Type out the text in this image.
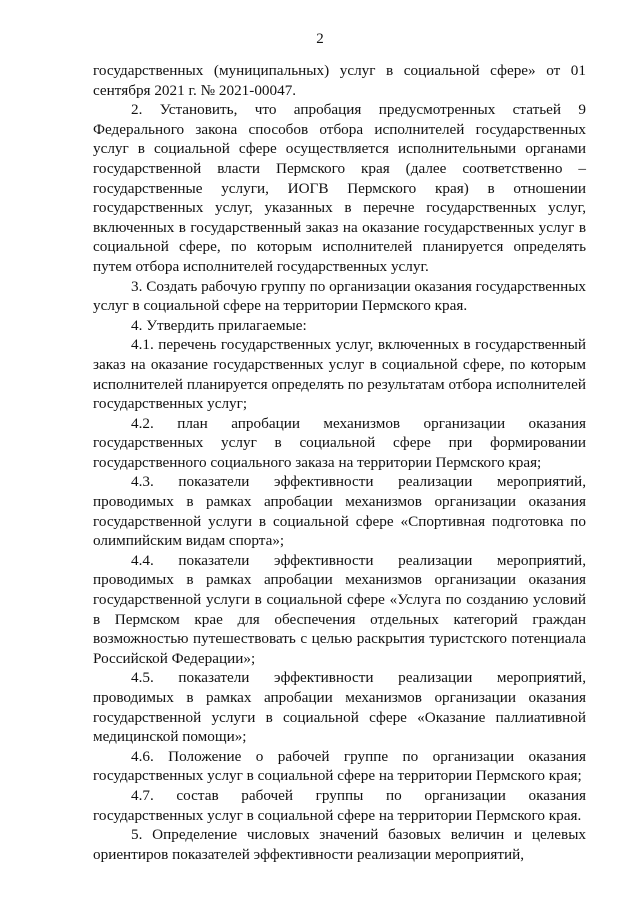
2

государственных (муниципальных) услуг в социальной сфере» от 01 сентября 2021 г. № 2021-00047.

2. Установить, что апробация предусмотренных статьей 9 Федерального закона способов отбора исполнителей государственных услуг в социальной сфере осуществляется исполнительными органами государственной власти Пермского края (далее соответственно – государственные услуги, ИОГВ Пермского края) в отношении государственных услуг, указанных в перечне государственных услуг, включенных в государственный заказ на оказание государственных услуг в социальной сфере, по которым исполнителей планируется определять путем отбора исполнителей государственных услуг.

3. Создать рабочую группу по организации оказания государственных услуг в социальной сфере на территории Пермского края.

4. Утвердить прилагаемые:

4.1. перечень государственных услуг, включенных в государственный заказ на оказание государственных услуг в социальной сфере, по которым исполнителей планируется определять по результатам отбора исполнителей государственных услуг;

4.2. план апробации механизмов организации оказания государственных услуг в социальной сфере при формировании государственного социального заказа на территории Пермского края;

4.3. показатели эффективности реализации мероприятий, проводимых в рамках апробации механизмов организации оказания государственной услуги в социальной сфере «Спортивная подготовка по олимпийским видам спорта»;

4.4. показатели эффективности реализации мероприятий, проводимых в рамках апробации механизмов организации оказания государственной услуги в социальной сфере «Услуга по созданию условий в Пермском крае для обеспечения отдельных категорий граждан возможностью путешествовать с целью раскрытия туристского потенциала Российской Федерации»;

4.5. показатели эффективности реализации мероприятий, проводимых в рамках апробации механизмов организации оказания государственной услуги в социальной сфере «Оказание паллиативной медицинской помощи»;

4.6. Положение о рабочей группе по организации оказания государственных услуг в социальной сфере на территории Пермского края;

4.7. состав рабочей группы по организации оказания государственных услуг в социальной сфере на территории Пермского края.

5. Определение числовых значений базовых величин и целевых ориентиров показателей эффективности реализации мероприятий,
